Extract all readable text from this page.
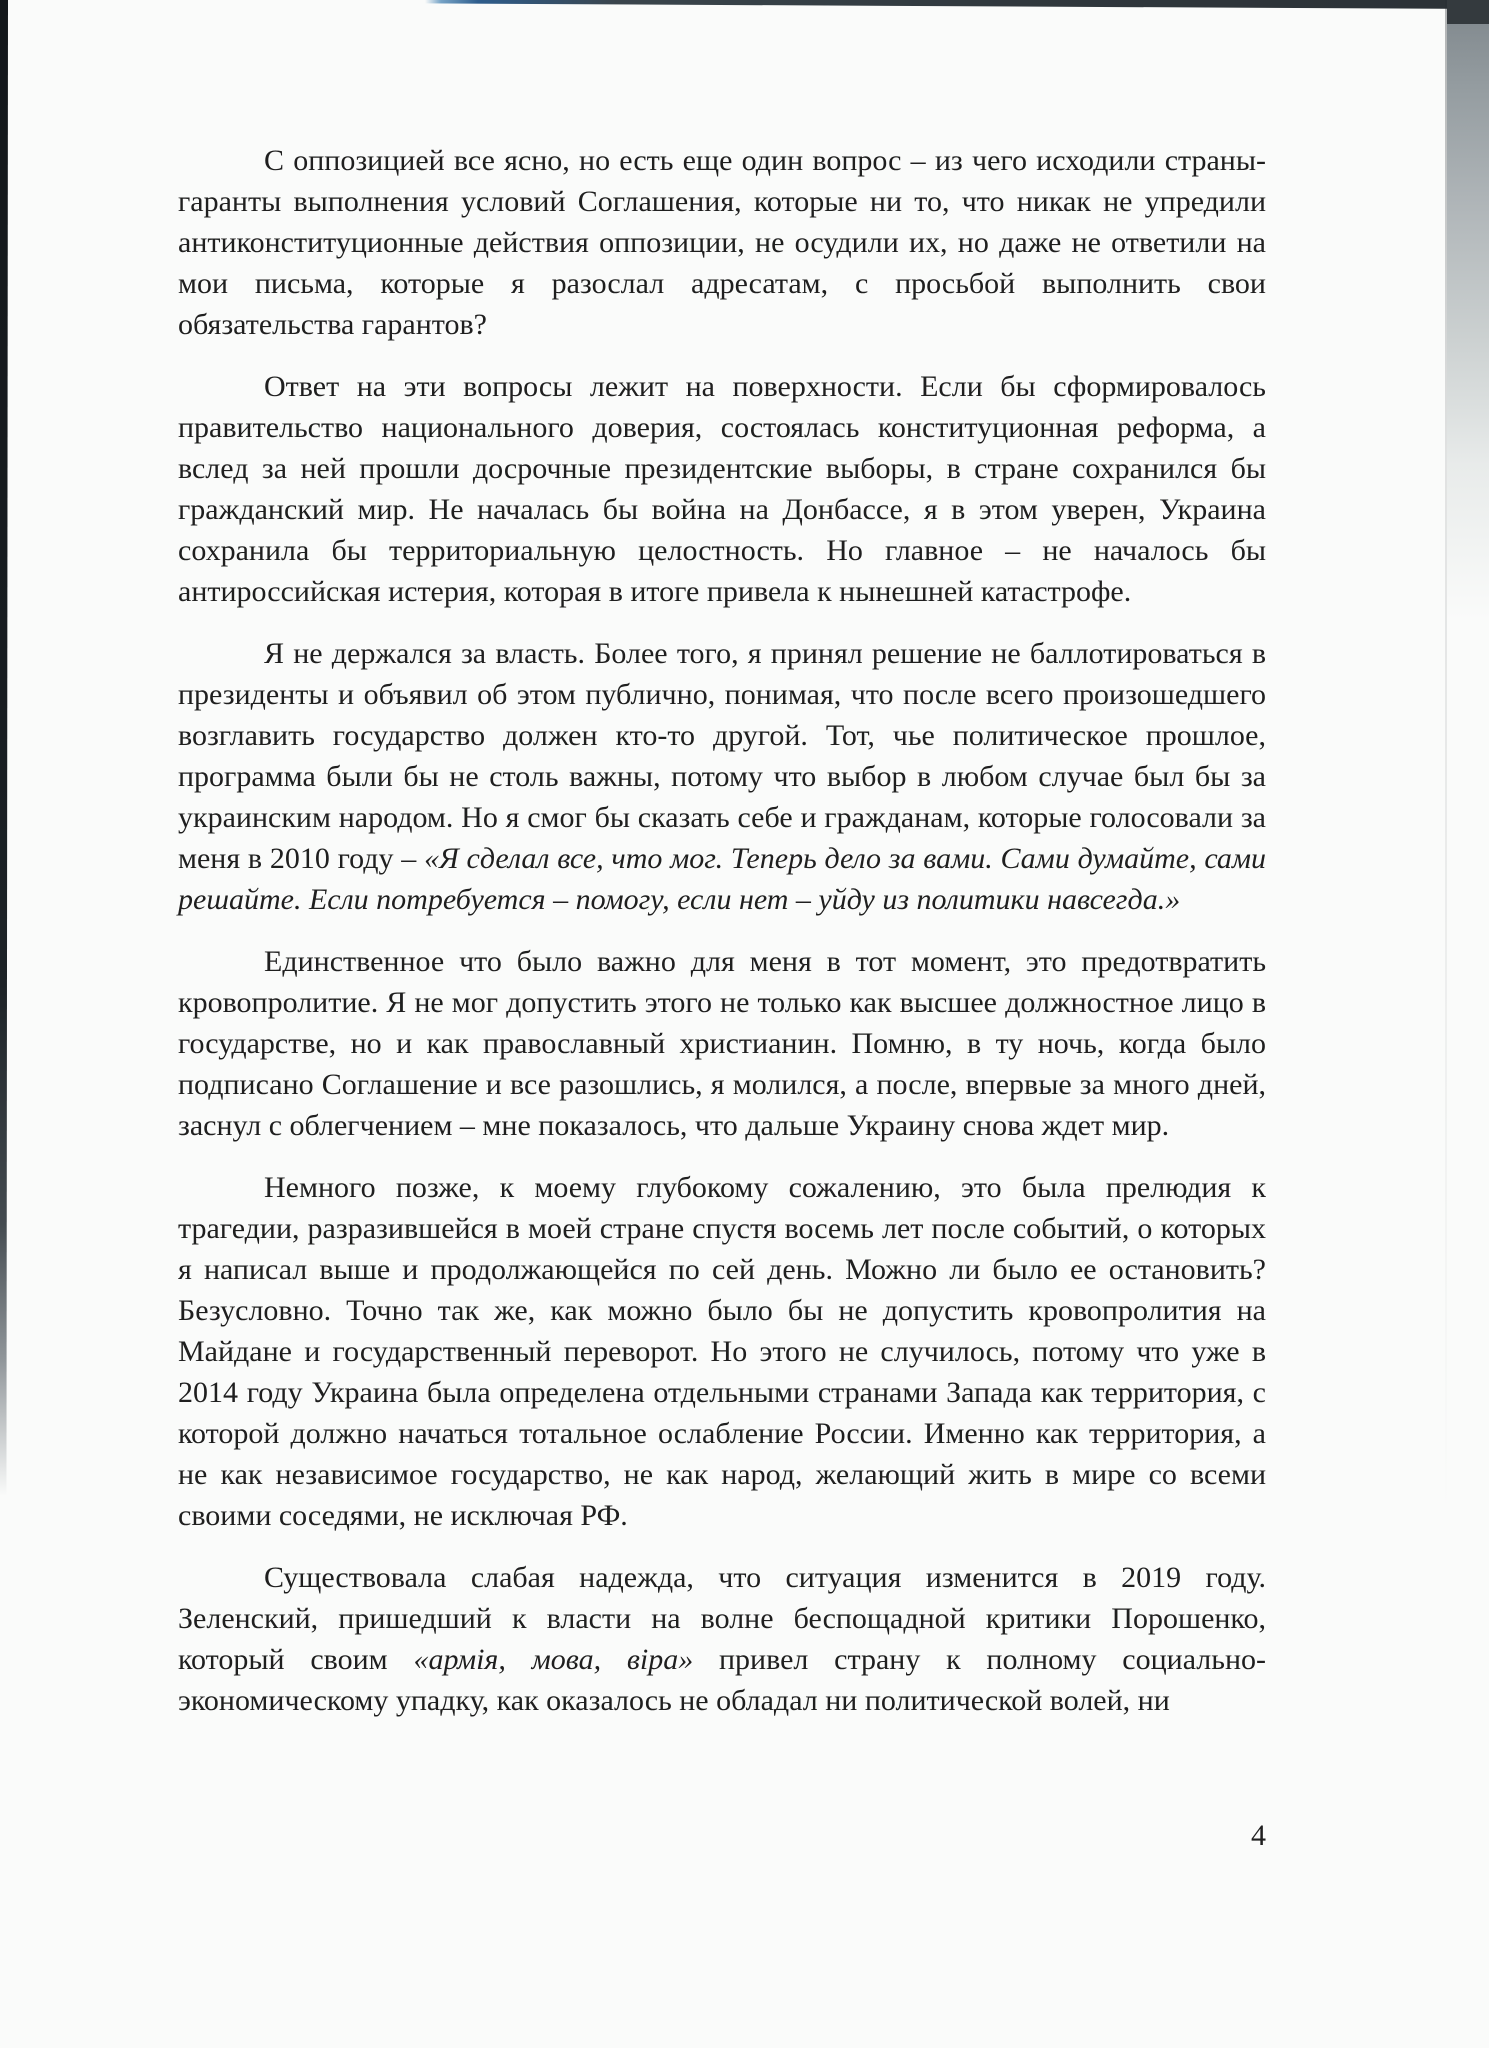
С оппозицией все ясно, но есть еще один вопрос – из чего исходили страны-гаранты выполнения условий Соглашения, которые ни то, что никак не упредили антиконституционные действия оппозиции, не осудили их, но даже не ответили на мои письма, которые я разослал адресатам, с просьбой выполнить свои обязательства гарантов?

Ответ на эти вопросы лежит на поверхности. Если бы сформировалось правительство национального доверия, состоялась конституционная реформа, а вслед за ней прошли досрочные президентские выборы, в стране сохранился бы гражданский мир. Не началась бы война на Донбассе, я в этом уверен, Украина сохранила бы территориальную целостность. Но главное – не началось бы антироссийская истерия, которая в итоге привела к нынешней катастрофе.

Я не держался за власть. Более того, я принял решение не баллотироваться в президенты и объявил об этом публично, понимая, что после всего произошедшего возглавить государство должен кто-то другой. Тот, чье политическое прошлое, программа были бы не столь важны, потому что выбор в любом случае был бы за украинским народом. Но я смог бы сказать себе и гражданам, которые голосовали за меня в 2010 году – «Я сделал все, что мог. Теперь дело за вами. Сами думайте, сами решайте. Если потребуется – помогу, если нет – уйду из политики навсегда.»

Единственное что было важно для меня в тот момент, это предотвратить кровопролитие. Я не мог допустить этого не только как высшее должностное лицо в государстве, но и как православный христианин. Помню, в ту ночь, когда было подписано Соглашение и все разошлись, я молился, а после, впервые за много дней, заснул с облегчением – мне показалось, что дальше Украину снова ждет мир.

Немного позже, к моему глубокому сожалению, это была прелюдия к трагедии, разразившейся в моей стране спустя восемь лет после событий, о которых я написал выше и продолжающейся по сей день. Можно ли было ее остановить? Безусловно. Точно так же, как можно было бы не допустить кровопролития на Майдане и государственный переворот. Но этого не случилось, потому что уже в 2014 году Украина была определена отдельными странами Запада как территория, с которой должно начаться тотальное ослабление России. Именно как территория, а не как независимое государство, не как народ, желающий жить в мире со всеми своими соседями, не исключая РФ.

Существовала слабая надежда, что ситуация изменится в 2019 году. Зеленский, пришедший к власти на волне беспощадной критики Порошенко, который своим «армія, мова, віра» привел страну к полному социально-экономическому упадку, как оказалось не обладал ни политической волей, ни

4
